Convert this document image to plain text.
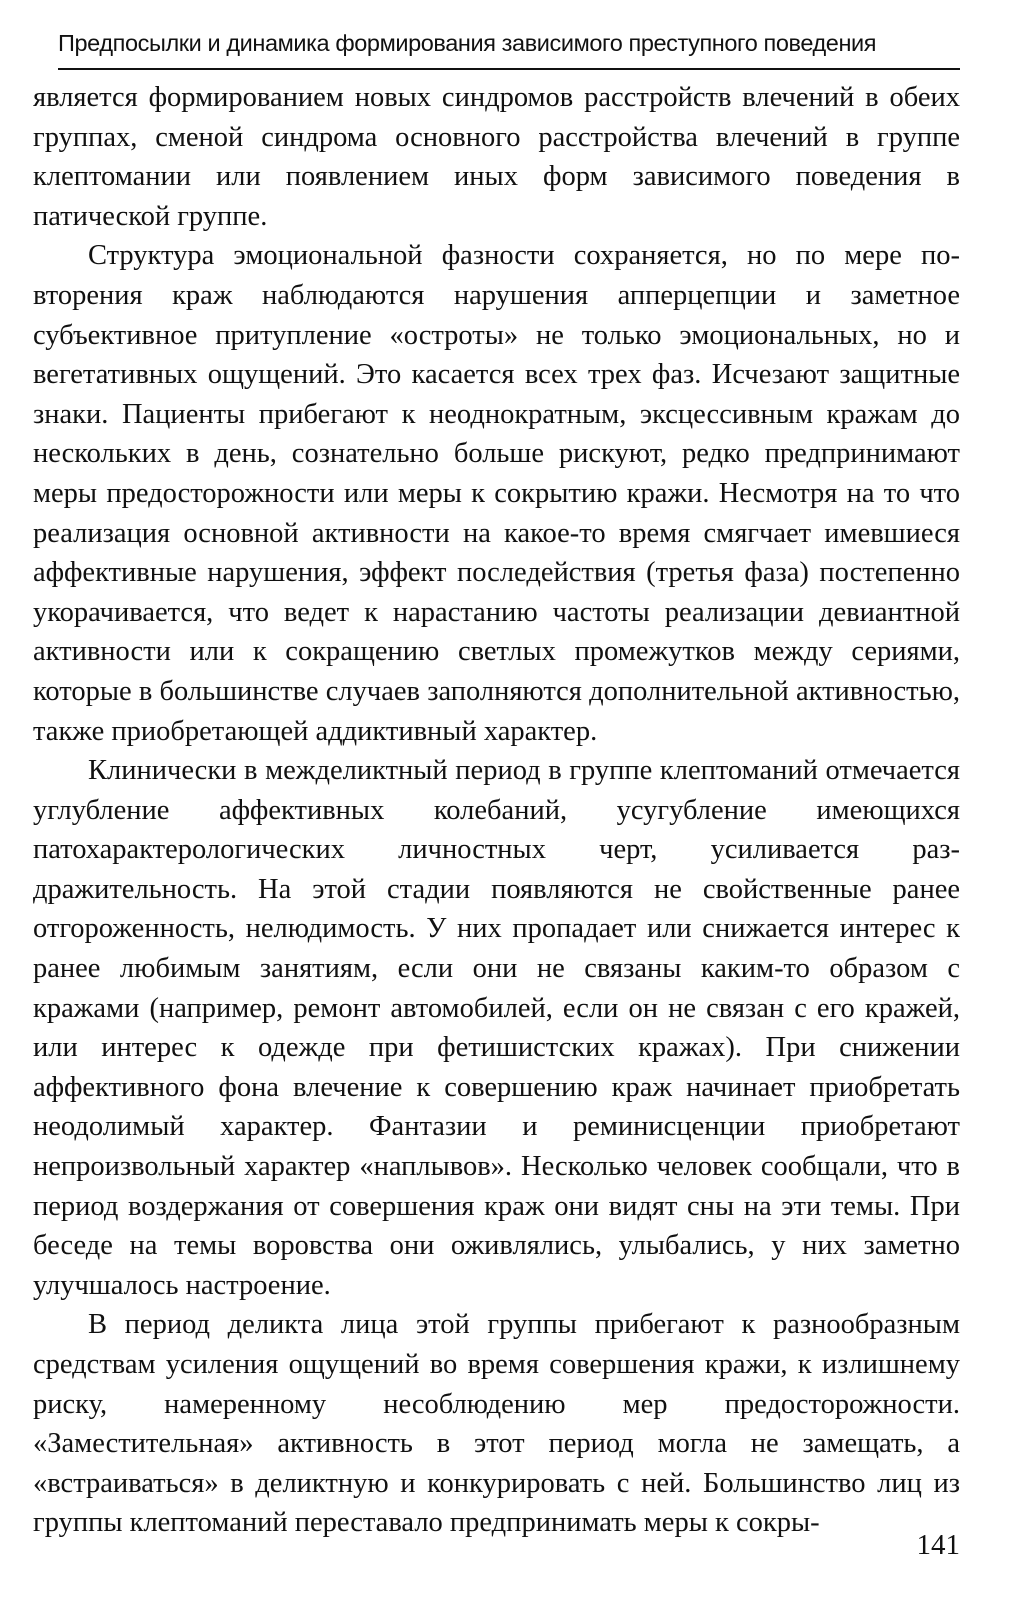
Предпосылки и динамика формирования зависимого преступного поведения

является формированием новых синдромов расстройств влечений в обеих группах, сменой синдрома основного расстройства влечений в группе клептомании или появлением иных форм зависимого поведения в патической группе.

Структура эмоциональной фазности сохраняется, но по мере повторения краж наблюдаются нарушения апперцепции и заметное субъективное притупление «остроты» не только эмоциональных, но и вегетативных ощущений. Это касается всех трех фаз. Исчезают защитные знаки. Пациенты прибегают к неоднократным, эксцессивным кражам до нескольких в день, сознательно больше рискуют, редко предпринимают меры предосторожности или меры к сокрытию кражи. Несмотря на то что реализация основной активности на какое-то время смягчает имевшиеся аффективные нарушения, эффект последействия (третья фаза) постепенно укорачивается, что ведет к нарастанию частоты реализации девиантной активности или к сокращению светлых промежутков между сериями, которые в большинстве случаев заполняются дополнительной активностью, также приобретающей аддиктивный характер.

Клинически в межделиктный период в группе клептоманий отмечается углубление аффективных колебаний, усугубление имеющихся патохарактерологических личностных черт, усиливается раздражительность. На этой стадии появляются не свойственные ранее отгороженность, нелюдимость. У них пропадает или снижается интерес к ранее любимым занятиям, если они не связаны каким-то образом с кражами (например, ремонт автомобилей, если он не связан с его кражей, или интерес к одежде при фетишистских кражах). При снижении аффективного фона влечение к совершению краж начинает приобретать неодолимый характер. Фантазии и реминисценции приобретают непроизвольный характер «наплывов». Несколько человек сообщали, что в период воздержания от совершения краж они видят сны на эти темы. При беседе на темы воровства они оживлялись, улыбались, у них заметно улучшалось настроение.

В период деликта лица этой группы прибегают к разнообразным средствам усиления ощущений во время совершения кражи, к излишнему риску, намеренному несоблюдению мер предосторожности. «Заместительная» активность в этот период могла не замещать, а «встраиваться» в деликтную и конкурировать с ней. Большинство лиц из группы клептоманий переставало предпринимать меры к сокры-

141
